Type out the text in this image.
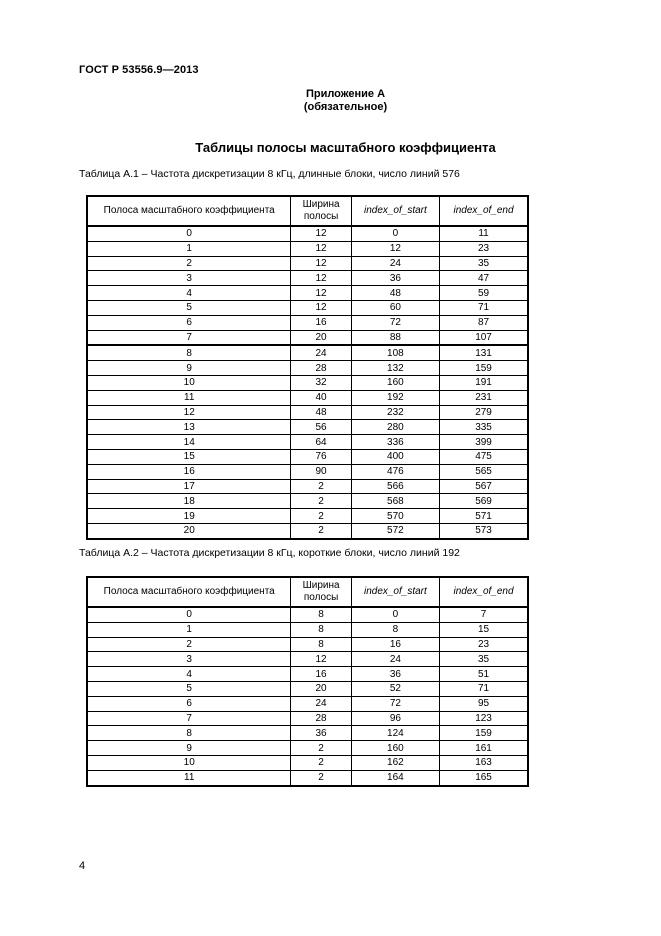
ГОСТ Р 53556.9—2013
Приложение А
(обязательное)
Таблицы полосы масштабного коэффициента
Таблица А.1 – Частота дискретизации 8 кГц, длинные блоки, число линий 576
Полоса масштабного коэффициента	Ширина полосы	index_of_start	index_of_end
0	12	0	11
1	12	12	23
2	12	24	35
3	12	36	47
4	12	48	59
5	12	60	71
6	16	72	87
7	20	88	107
8	24	108	131
9	28	132	159
10	32	160	191
11	40	192	231
12	48	232	279
13	56	280	335
14	64	336	399
15	76	400	475
16	90	476	565
17	2	566	567
18	2	568	569
19	2	570	571
20	2	572	573
Таблица А.2 – Частота дискретизации 8 кГц, короткие блоки, число линий 192
Полоса масштабного коэффициента	Ширина полосы	index_of_start	index_of_end
0	8	0	7
1	8	8	15
2	8	16	23
3	12	24	35
4	16	36	51
5	20	52	71
6	24	72	95
7	28	96	123
8	36	124	159
9	2	160	161
10	2	162	163
11	2	164	165
4
